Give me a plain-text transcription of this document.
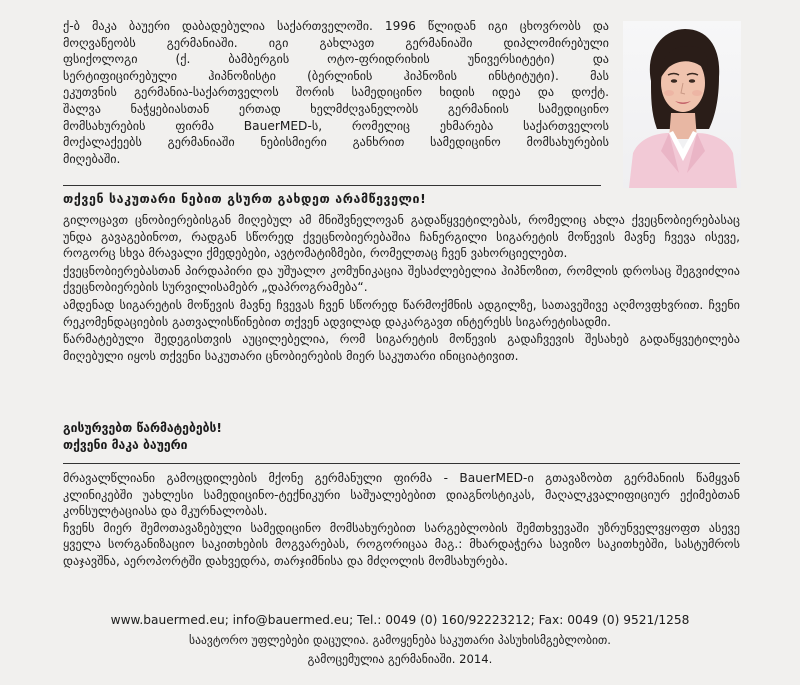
ქ-ბ მაკა ბაუერი დაბადებულია საქართველოში. 1996 წლიდან იგი ცხოვრობს და

მოღვაწეობს გერმანიაში. იგი გახლავთ გერმანიაში დიპლომირებული

ფსიქოლოგი (ქ. ბამბერგის ოტო-ფრიდრიხის უნივერსიტეტი) და

სერტიფიცირებული ჰიპნოზისტი (ბერლინის ჰიპნოზის ინსტიტუტი). მას

ეკუთვნის გერმანია-საქართველოს შორის სამედიცინო ხიდის იდეა და დოქტ.

შალვა ნაჭყებიასთან ერთად ხელმძღვანელობს გერმანიის სამედიცინო

მომსახურების ფირმა BauerMED-ს, რომელიც ეხმარება საქართველოს

მოქალაქეებს გერმანიაში ნებისმიერი განხრით სამედიცინო მომსახურების

მიღებაში.

თქვენ საკუთარი ნებით გსურთ გახდეთ არამწეველი!

გილოცავთ ცნობიერებისგან მიღებულ ამ მნიშვნელოვან გადაწყვეტილებას, რომელიც ახლა ქვეცნობიერებასაც უნდა გავაგებინოთ, რადგან სწორედ ქვეცნობიერებაშია ჩანერგილი სიგარეტის მოწევის მავნე ჩვევა ისევე, როგორც სხვა მრავალი ქმედებები, ავტომატიზმები, რომელთაც ჩვენ ვახორციელებთ.

ქვეცნობიერებასთან პირდაპირი და უშუალო კომუნიკაცია შესაძლებელია ჰიპნოზით, რომლის დროსაც შეგვიძლია ქვეცნობიერების სურვილისამებრ „დაპროგრამება“.

ამდენად სიგარეტის მოწევის მავნე ჩვევას ჩვენ სწორედ წარმოქმნის ადგილზე, სათავეშივე აღმოვფხვრით. ჩვენი რეკომენდაციების გათვალისწინებით თქვენ ადვილად დაკარგავთ ინტერესს სიგარეტისადმი.

წარმატებული შედეგისთვის აუცილებელია, რომ სიგარეტის მოწევის გადაჩვევის შესახებ გადაწყვეტილება მიღებული იყოს თქვენი საკუთარი ცნობიერების მიერ საკუთარი ინიციატივით.

გისურვებთ წარმატებებს!

თქვენი მაკა ბაუერი

მრავალწლიანი გამოცდილების მქონე გერმანული ფირმა - BauerMED-ი გთავაზობთ გერმანიის წამყვან კლინიკებში უახლესი სამედიცინო-ტექნიკური საშუალებებით დიაგნოსტიკას, მაღალკვალიფიციურ ექიმებთან კონსულტაციასა და მკურნალობას.

ჩვენს მიერ შემოთავაზებული სამედიცინო მომსახურებით სარგებლობის შემთხვევაში უზრუნველვყოფთ ასევე ყველა სორგანიზაციო საკითხების მოგვარებას, როგორიცაა მაგ.: მხარდაჭერა სავიზო საკითხებში, სასტუმროს დაჯავშნა, აეროპორტში დახვედრა, თარჯიმნისა და მძღოლის მომსახურება.

www.bauermed.eu; info@bauermed.eu; Tel.: 0049 (0) 160/92223212; Fax: 0049 (0) 9521/1258
საავტორო უფლებები დაცულია. გამოყენება საკუთარი პასუხისმგებლობით.
გამოცემულია გერმანიაში. 2014.
